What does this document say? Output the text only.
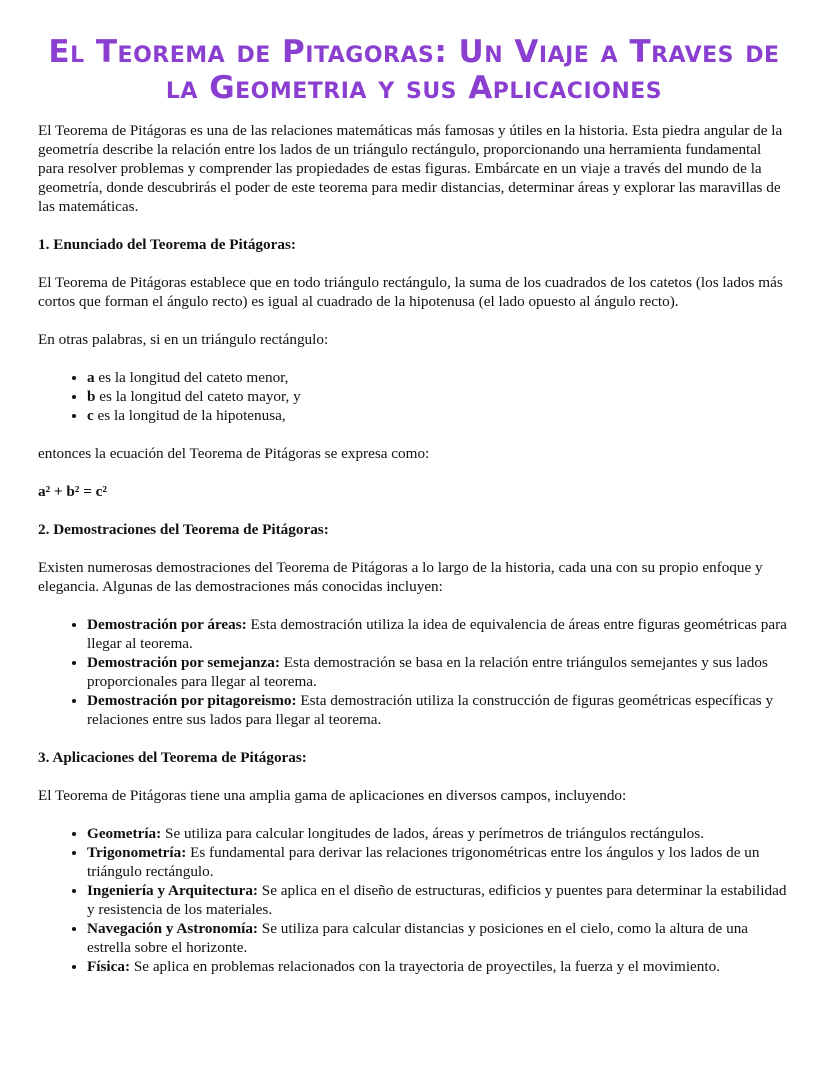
El Teorema de Pitagoras: Un Viaje a Traves de la Geometria y sus Aplicaciones

El Teorema de Pitágoras es una de las relaciones matemáticas más famosas y útiles en la historia. Esta piedra angular de la geometría describe la relación entre los lados de un triángulo rectángulo, proporcionando una herramienta fundamental para resolver problemas y comprender las propiedades de estas figuras. Embárcate en un viaje a través del mundo de la geometría, donde descubrirás el poder de este teorema para medir distancias, determinar áreas y explorar las maravillas de las matemáticas.

1. Enunciado del Teorema de Pitágoras:

El Teorema de Pitágoras establece que en todo triángulo rectángulo, la suma de los cuadrados de los catetos (los lados más cortos que forman el ángulo recto) es igual al cuadrado de la hipotenusa (el lado opuesto al ángulo recto).

En otras palabras, si en un triángulo rectángulo:

• a es la longitud del cateto menor,
• b es la longitud del cateto mayor, y
• c es la longitud de la hipotenusa,

entonces la ecuación del Teorema de Pitágoras se expresa como:

a² + b² = c²

2. Demostraciones del Teorema de Pitágoras:

Existen numerosas demostraciones del Teorema de Pitágoras a lo largo de la historia, cada una con su propio enfoque y elegancia. Algunas de las demostraciones más conocidas incluyen:

• Demostración por áreas: Esta demostración utiliza la idea de equivalencia de áreas entre figuras geométricas para llegar al teorema.
• Demostración por semejanza: Esta demostración se basa en la relación entre triángulos semejantes y sus lados proporcionales para llegar al teorema.
• Demostración por pitagoreismo: Esta demostración utiliza la construcción de figuras geométricas específicas y relaciones entre sus lados para llegar al teorema.
3. Aplicaciones del Teorema de Pitágoras:

El Teorema de Pitágoras tiene una amplia gama de aplicaciones en diversos campos, incluyendo:

• Geometría: Se utiliza para calcular longitudes de lados, áreas y perímetros de triángulos rectángulos.
• Trigonometría: Es fundamental para derivar las relaciones trigonométricas entre los ángulos y los lados de un triángulo rectángulo.
• Ingeniería y Arquitectura: Se aplica en el diseño de estructuras, edificios y puentes para determinar la estabilidad y resistencia de los materiales.
• Navegación y Astronomía: Se utiliza para calcular distancias y posiciones en el cielo, como la altura de una estrella sobre el horizonte.
• Física: Se aplica en problemas relacionados con la trayectoria de proyectiles, la fuerza y el movimiento.
